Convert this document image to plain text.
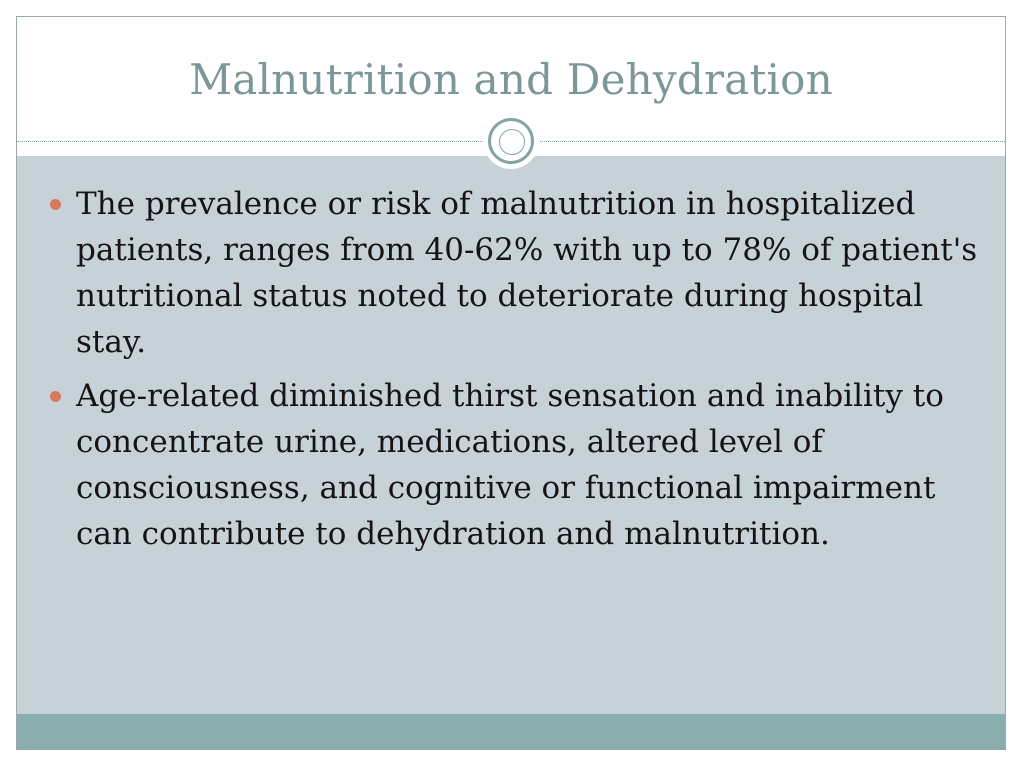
Malnutrition and Dehydration
The prevalence or risk of malnutrition in hospitalized patients, ranges from 40-62% with up to 78% of patient's nutritional status noted to deteriorate during hospital stay.
Age-related diminished thirst sensation and inability to concentrate urine, medications, altered level of consciousness, and cognitive or functional impairment can contribute to dehydration and malnutrition.
